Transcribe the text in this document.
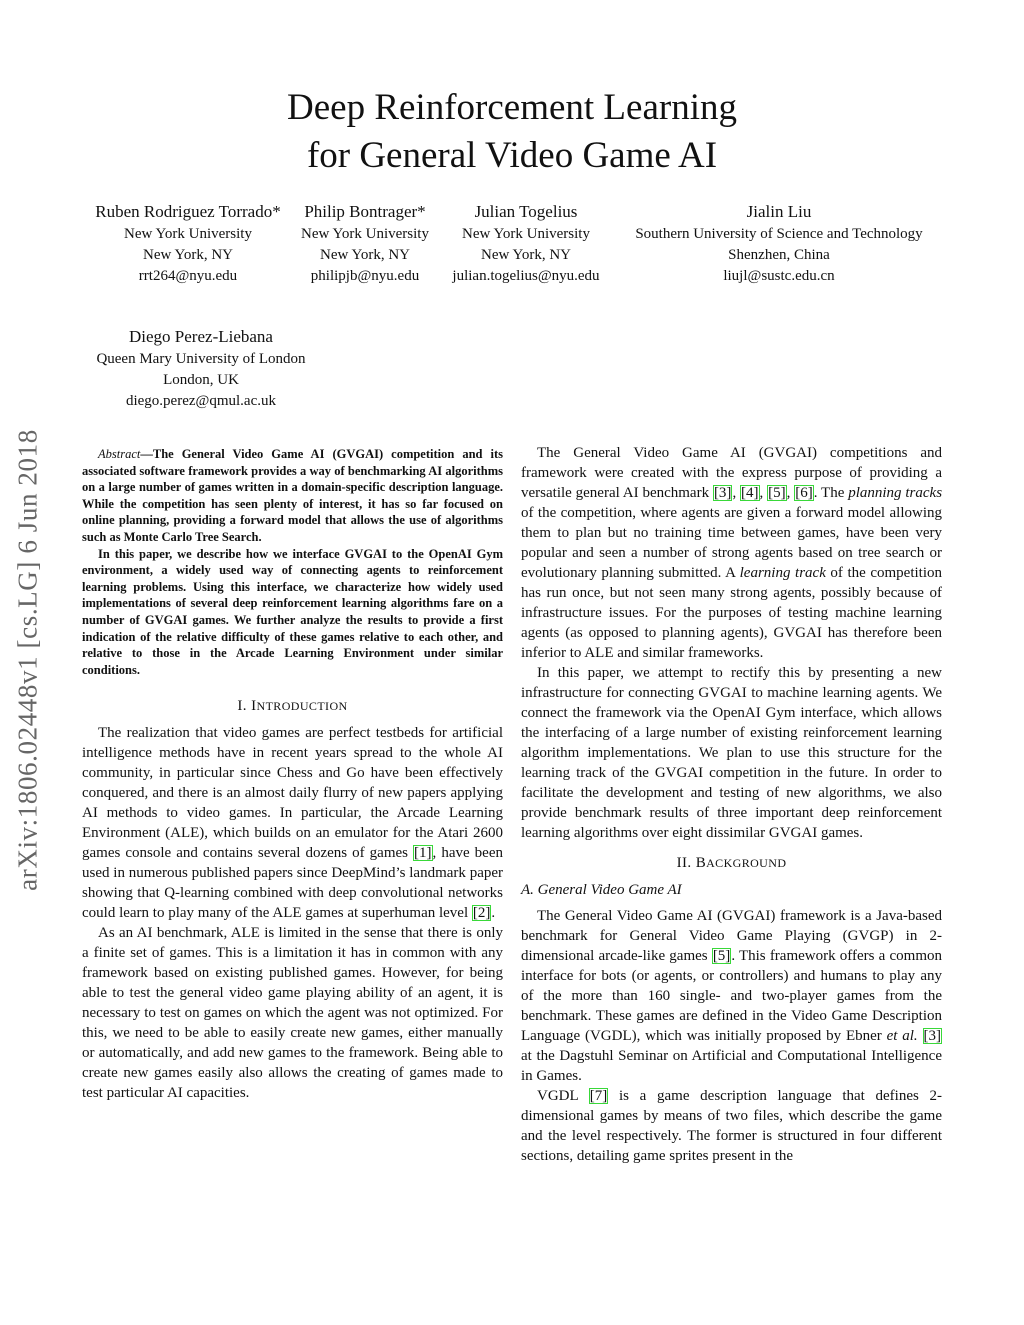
Deep Reinforcement Learning
for General Video Game AI
Ruben Rodriguez Torrado*
New York University
New York, NY
rrt264@nyu.edu
Philip Bontrager*
New York University
New York, NY
philipjb@nyu.edu
Julian Togelius
New York University
New York, NY
julian.togelius@nyu.edu
Jialin Liu
Southern University of Science and Technology
Shenzhen, China
liujl@sustc.edu.cn
Diego Perez-Liebana
Queen Mary University of London
London, UK
diego.perez@qmul.ac.uk
arXiv:1806.02448v1 [cs.LG] 6 Jun 2018	Abstract—The General Video Game AI (GVGAI) competition and its associated software framework provides a way of benchmarking AI algorithms on a large number of games written in a domain-specific description language. While the competition has seen plenty of interest, it has so far focused on online planning, providing a forward model that allows the use of algorithms such as Monte Carlo Tree Search.

In this paper, we describe how we interface GVGAI to the OpenAI Gym environment, a widely used way of connecting agents to reinforcement learning problems. Using this interface, we characterize how widely used implementations of several deep reinforcement learning algorithms fare on a number of GVGAI games. We further analyze the results to provide a first indication of the relative difficulty of these games relative to each other, and relative to those in the Arcade Learning Environment under similar conditions.

I. INTRODUCTION

The realization that video games are perfect testbeds for artificial intelligence methods have in recent years spread to the whole AI community, in particular since Chess and Go have been effectively conquered, and there is an almost daily flurry of new papers applying AI methods to video games. In particular, the Arcade Learning Environment (ALE), which builds on an emulator for the Atari 2600 games console and contains several dozens of games [1], have been used in numerous published papers since DeepMind’s landmark paper showing that Q-learning combined with deep convolutional networks could learn to play many of the ALE games at superhuman level [2].

As an AI benchmark, ALE is limited in the sense that there is only a finite set of games. This is a limitation it has in common with any framework based on existing published games. However, for being able to test the general video game playing ability of an agent, it is necessary to test on games on which the agent was not optimized. For this, we need to be able to easily create new games, either manually or automatically, and add new games to the framework. Being able to create new games easily also allows the creating of games made to test particular AI capacities.

The General Video Game AI (GVGAI) competitions and framework were created with the express purpose of providing a versatile general AI benchmark [3], [4], [5], [6]. The planning tracks of the competition, where agents are given a forward model allowing them to plan but no training time between games, have been very popular and seen a number of strong agents based on tree search or evolutionary planning submitted. A learning track of the competition has run once, but not seen many strong agents, possibly because of infrastructure issues. For the purposes of testing machine learning agents (as opposed to planning agents), GVGAI has therefore been inferior to ALE and similar frameworks.

In this paper, we attempt to rectify this by presenting a new infrastructure for connecting GVGAI to machine learning agents. We connect the framework via the OpenAI Gym interface, which allows the interfacing of a large number of existing reinforcement learning algorithm implementations. We plan to use this structure for the learning track of the GVGAI competition in the future. In order to facilitate the development and testing of new algorithms, we also provide benchmark results of three important deep reinforcement learning algorithms over eight dissimilar GVGAI games.

II. BACKGROUND
A. General Video Game AI

The General Video Game AI (GVGAI) framework is a Java-based benchmark for General Video Game Playing (GVGP) in 2-dimensional arcade-like games [5]. This framework offers a common interface for bots (or agents, or controllers) and humans to play any of the more than 160 single- and two-player games from the benchmark. These games are defined in the Video Game Description Language (VGDL), which was initially proposed by Ebner et al. [3] at the Dagstuhl Seminar on Artificial and Computational Intelligence in Games.

VGDL [7] is a game description language that defines 2-dimensional games by means of two files, which describe the game and the level respectively. The former is structured in four different sections, detailing game sprites present in the
